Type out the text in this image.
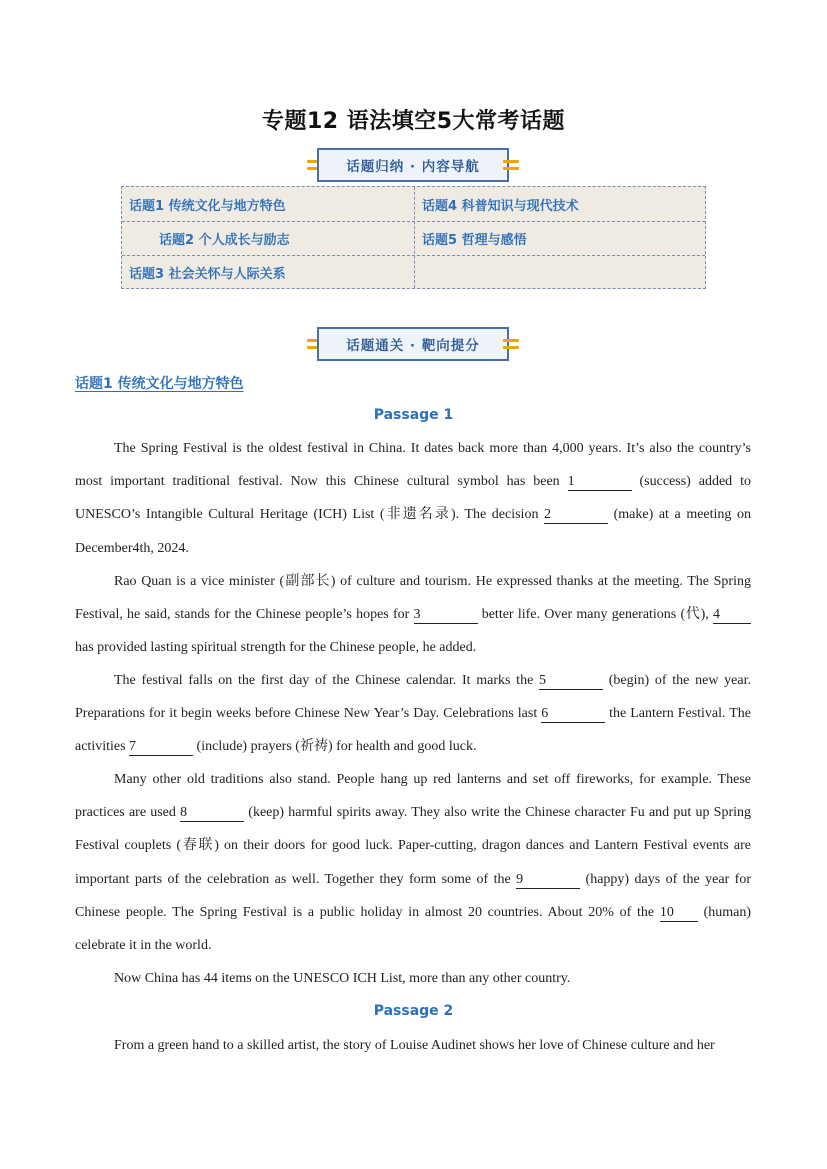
专题12 语法填空5大常考话题
话题归纳 · 内容导航
话题1 传统文化与地方特色	话题4 科普知识与现代技术
话题2 个人成长与励志	话题5 哲理与感悟
话题3 社会关怀与人际关系
话题通关 · 靶向提分
话题1 传统文化与地方特色
Passage 1
The Spring Festival is the oldest festival in China. It dates back more than 4,000 years. It’s also the country’s most important traditional festival. Now this Chinese cultural symbol has been 1	(success) added to UNESCO’s Intangible Cultural Heritage (ICH) List (非遗名录). The decision 2	(make) at a meeting on December4th, 2024.
Rao Quan is a vice minister (副部长) of culture and tourism. He expressed thanks at the meeting. The Spring Festival, he said, stands for the Chinese people’s hopes for 3	better life. Over many generations (代), 4 has provided lasting spiritual strength for the Chinese people, he added.
The festival falls on the first day of the Chinese calendar. It marks the 5	(begin) of the new year. Preparations for it begin weeks before Chinese New Year’s Day. Celebrations last 6	the Lantern Festival. The activities 7	(include) prayers (祈祷) for health and good luck.
Many other old traditions also stand. People hang up red lanterns and set off fireworks, for example. These practices are used 8	(keep) harmful spirits away. They also write the Chinese character Fu and put up Spring Festival couplets (春联) on their doors for good luck. Paper-cutting, dragon dances and Lantern Festival events are important parts of the celebration as well. Together they form some of the 9	(happy) days of the year for Chinese people. The Spring Festival is a public holiday in almost 20 countries. About 20% of the 10 (human) celebrate it in the world.
Now China has 44 items on the UNESCO ICH List, more than any other country.
Passage 2
From a green hand to a skilled artist, the story of Louise Audinet shows her love of Chinese culture and her
